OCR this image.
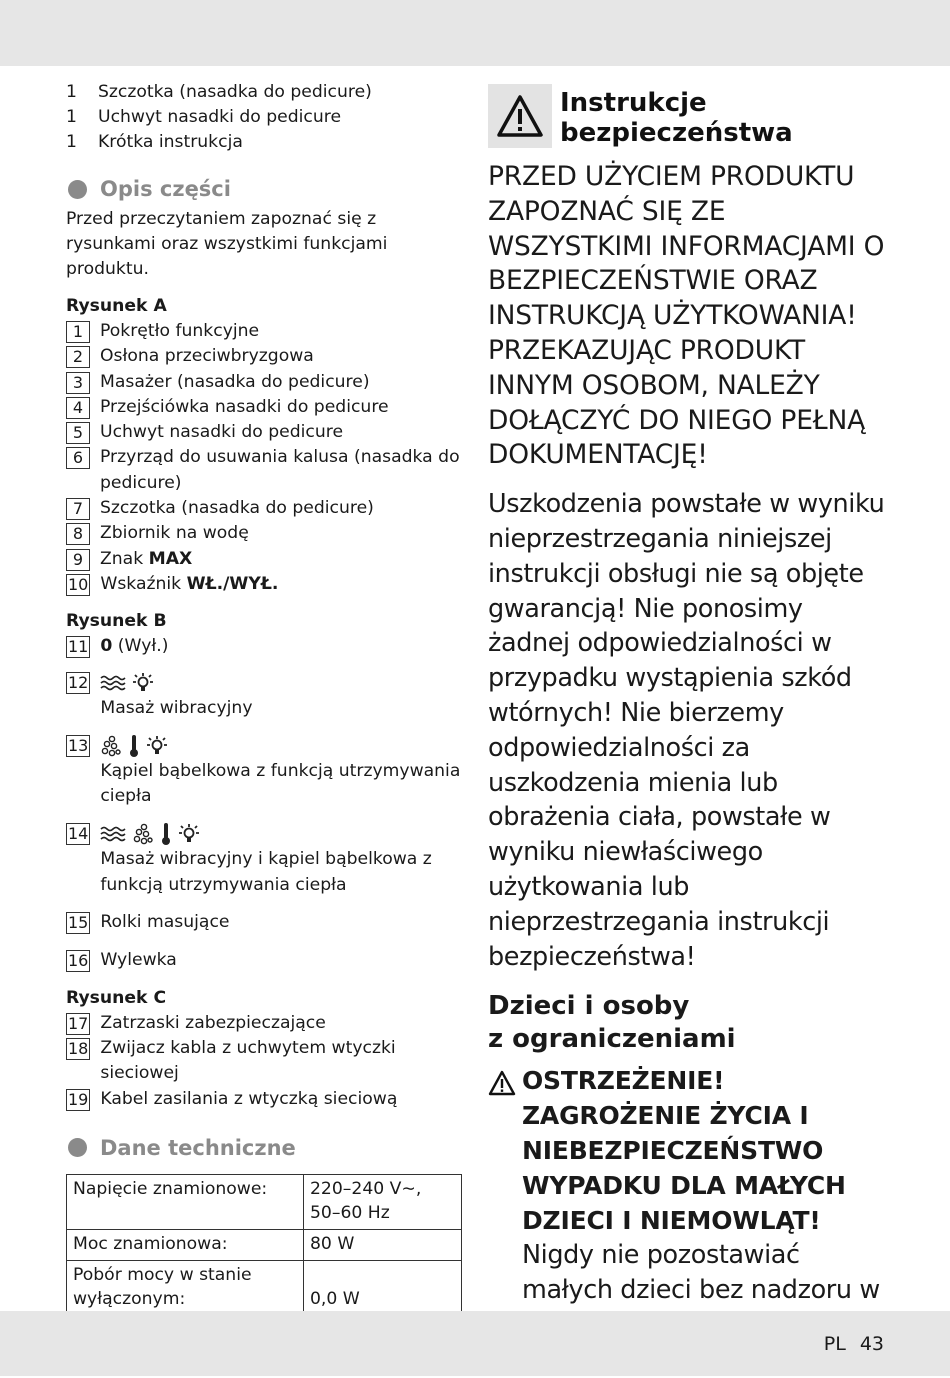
1	Szczotka (nasadka do pedicure)
1	Uchwyt nasadki do pedicure
1	Krótka instrukcja
Opis części
Przed przeczytaniem zapoznać się z rysunkami oraz wszystkimi funkcjami produktu.
Rysunek A
1 Pokrętło funkcyjne
2 Osłona przeciwbryzgowa
3 Masażer (nasadka do pedicure)
4 Przejściówka nasadki do pedicure
5 Uchwyt nasadki do pedicure
6 Przyrząd do usuwania kalusa (nasadka do pedicure)
7 Szczotka (nasadka do pedicure)
8 Zbiornik na wodę
9 Znak MAX
10 Wskaźnik WŁ./WYŁ.
Rysunek B
11 0 (Wył.)
12
Masaż wibracyjny
13
Kąpiel bąbelkowa z funkcją utrzymywania ciepła
14
Masaż wibracyjny i kąpiel bąbelkowa z funkcją utrzymywania ciepła
15 Rolki masujące
16 Wylewka
Rysunek C
17 Zatrzaski zabezpieczające
18 Zwijacz kabla z uchwytem wtyczki sieciowej
19 Kabel zasilania z wtyczką sieciową
Dane techniczne
Napięcie znamionowe:	220–240 V∼, 50–60 Hz
Moc znamionowa:	80 W
Pobór mocy w stanie wyłączonym:	0,0 W
Instrukcje
bezpieczeństwa
PRZED UŻYCIEM PRODUKTU ZAPOZNAĆ SIĘ ZE WSZYSTKIMI INFORMACJAMI O BEZPIECZEŃSTWIE ORAZ INSTRUKCJĄ UŻYTKOWANIA! PRZEKAZUJĄC PRODUKT INNYM OSOBOM, NALEŻY DOŁĄCZYĆ DO NIEGO PEŁNĄ DOKUMENTACJĘ!
Uszkodzenia powstałe w wyniku nieprzestrzegania niniejszej instrukcji obsługi nie są objęte gwarancją! Nie ponosimy żadnej odpowiedzialności w przypadku wystąpienia szkód wtórnych! Nie bierzemy odpowiedzialności za uszkodzenia mienia lub obrażenia ciała, powstałe w wyniku niewłaściwego użytkowania lub nieprzestrzegania instrukcji bezpieczeństwa!
Dzieci i osoby
z ograniczeniami
OSTRZEŻENIE! ZAGROŻENIE ŻYCIA I NIEBEZPIECZEŃSTWO WYPADKU DLA MAŁYCH DZIECI I NIEMOWLĄT!
Nigdy nie pozostawiać małych dzieci bez nadzoru w
PL 43
